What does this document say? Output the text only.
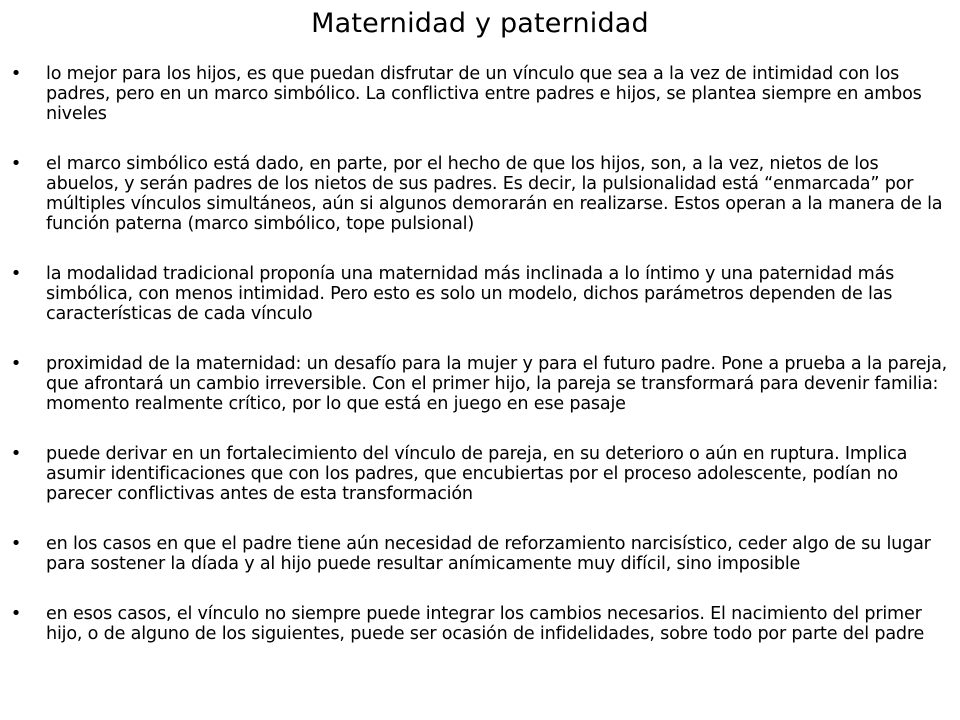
Maternidad y paternidad
• lo mejor para los hijos, es que puedan disfrutar de un vínculo que sea a la vez de intimidad con los padres, pero en un marco simbólico. La conflictiva entre padres e hijos, se plantea siempre en ambos niveles
• el marco simbólico está dado, en parte, por el hecho de que los hijos, son, a la vez, nietos de los abuelos, y serán padres de los nietos de sus padres. Es decir, la pulsionalidad está “enmarcada” por múltiples vínculos simultáneos, aún si algunos demorarán en realizarse. Estos operan a la manera de la función paterna (marco simbólico, tope pulsional)
• la modalidad tradicional proponía una maternidad más inclinada a lo íntimo y una paternidad más simbólica, con menos intimidad. Pero esto es solo un modelo, dichos parámetros dependen de las características de cada vínculo
• proximidad de la maternidad: un desafío para la mujer y para el futuro padre. Pone a prueba a la pareja, que afrontará un cambio irreversible. Con el primer hijo, la pareja se transformará para devenir familia: momento realmente crítico, por lo que está en juego en ese pasaje
• puede derivar en un fortalecimiento del vínculo de pareja, en su deterioro o aún en ruptura. Implica asumir identificaciones que con los padres, que encubiertas por el proceso adolescente, podían no parecer conflictivas antes de esta transformación
• en los casos en que el padre tiene aún necesidad de reforzamiento narcisístico, ceder algo de su lugar para sostener la díada y al hijo puede resultar anímicamente muy difícil, sino imposible
• en esos casos, el vínculo no siempre puede integrar los cambios necesarios. El nacimiento del primer hijo, o de alguno de los siguientes, puede ser ocasión de infidelidades, sobre todo por parte del padre
